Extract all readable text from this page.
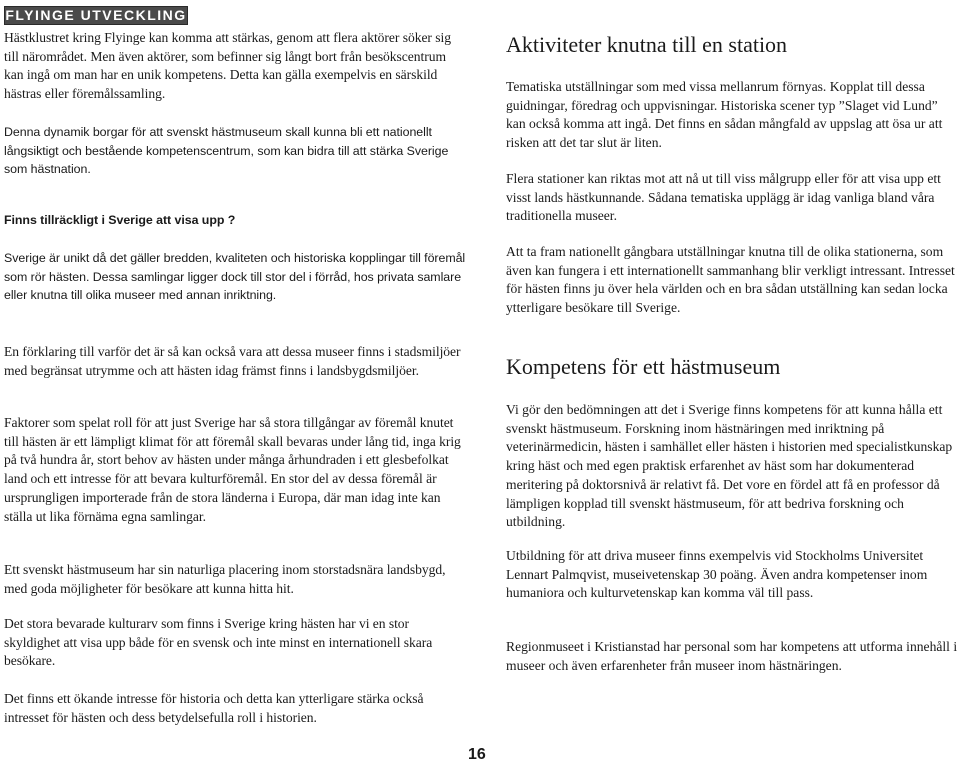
FLYINGE UTVECKLING

Hästklustret kring Flyinge kan komma att stärkas, genom att flera aktörer söker sig till närområdet. Men även aktörer, som befinner sig långt bort från besökscentrum kan ingå om man har en unik kompetens. Detta kan gälla exempelvis en särskild hästras eller föremålssamling.

Denna dynamik borgar för att svenskt hästmuseum skall kunna bli ett nationellt långsiktigt och bestående kompetenscentrum, som kan bidra till att stärka Sverige som hästnation.

Finns tillräckligt i Sverige att visa upp ?

Sverige är unikt då det gäller bredden, kvaliteten och historiska kopplingar till föremål som rör hästen. Dessa samlingar ligger dock till stor del i förråd, hos privata samlare eller knutna till olika museer med annan inriktning.

En förklaring till varför det är så kan också vara att dessa museer finns i stadsmiljöer med begränsat utrymme och att hästen idag främst finns i landsbygdsmiljöer.

Faktorer som spelat roll för att just Sverige har så stora tillgångar av föremål knutet till hästen är ett lämpligt klimat för att föremål skall bevaras under lång tid, inga krig på två hundra år, stort behov av hästen under många århundraden i ett glesbefolkat land och ett intresse för att bevara kulturföremål. En stor del av dessa föremål är ursprungligen importerade från de stora länderna i Europa, där man idag inte kan ställa ut lika förnäma egna samlingar.

Ett svenskt hästmuseum har sin naturliga placering inom storstadsnära landsbygd, med goda möjligheter för besökare att kunna hitta hit.

Det stora bevarade kulturarv som finns i Sverige kring hästen har vi en stor skyldighet att visa upp både för en svensk och inte minst en internationell skara besökare.

Det finns ett ökande intresse för historia och detta kan ytterligare stärka också intresset för hästen och dess betydelsefulla roll i historien.

Aktiviteter knutna till en station

Tematiska utställningar som med vissa mellanrum förnyas. Kopplat till dessa guidningar, föredrag och uppvisningar. Historiska scener typ ”Slaget vid Lund” kan också komma att ingå. Det finns en sådan mångfald av uppslag att ösa ur att risken att det tar slut är liten.

Flera stationer kan riktas mot att nå ut till viss målgrupp eller för att visa upp ett visst lands hästkunnande. Sådana tematiska upplägg är idag vanliga bland våra traditionella museer.

Att ta fram nationellt gångbara utställningar knutna till de olika stationerna, som även kan fungera i ett internationellt sammanhang blir verkligt intressant. Intresset för hästen finns ju över hela världen och en bra sådan utställning kan sedan locka ytterligare besökare till Sverige.

Kompetens för ett hästmuseum

Vi gör den bedömningen att det i Sverige finns kompetens för att kunna hålla ett svenskt hästmuseum. Forskning inom hästnäringen med inriktning på veterinärmedicin, hästen i samhället eller hästen i historien med specialistkunskap kring häst och med egen praktisk erfarenhet av häst som har dokumenterad meritering på doktorsnivå är relativt få. Det vore en fördel att få en professor då lämpligen kopplad till svenskt hästmuseum, för att bedriva forskning och utbildning.

Utbildning för att driva museer finns exempelvis vid Stockholms Universitet Lennart Palmqvist, museivetenskap 30 poäng. Även andra kompetenser inom humaniora och kulturvetenskap kan komma väl till pass.

Regionmuseet i Kristianstad har personal som har kompetens att utforma innehåll i museer och även erfarenheter från museer inom hästnäringen.

16
